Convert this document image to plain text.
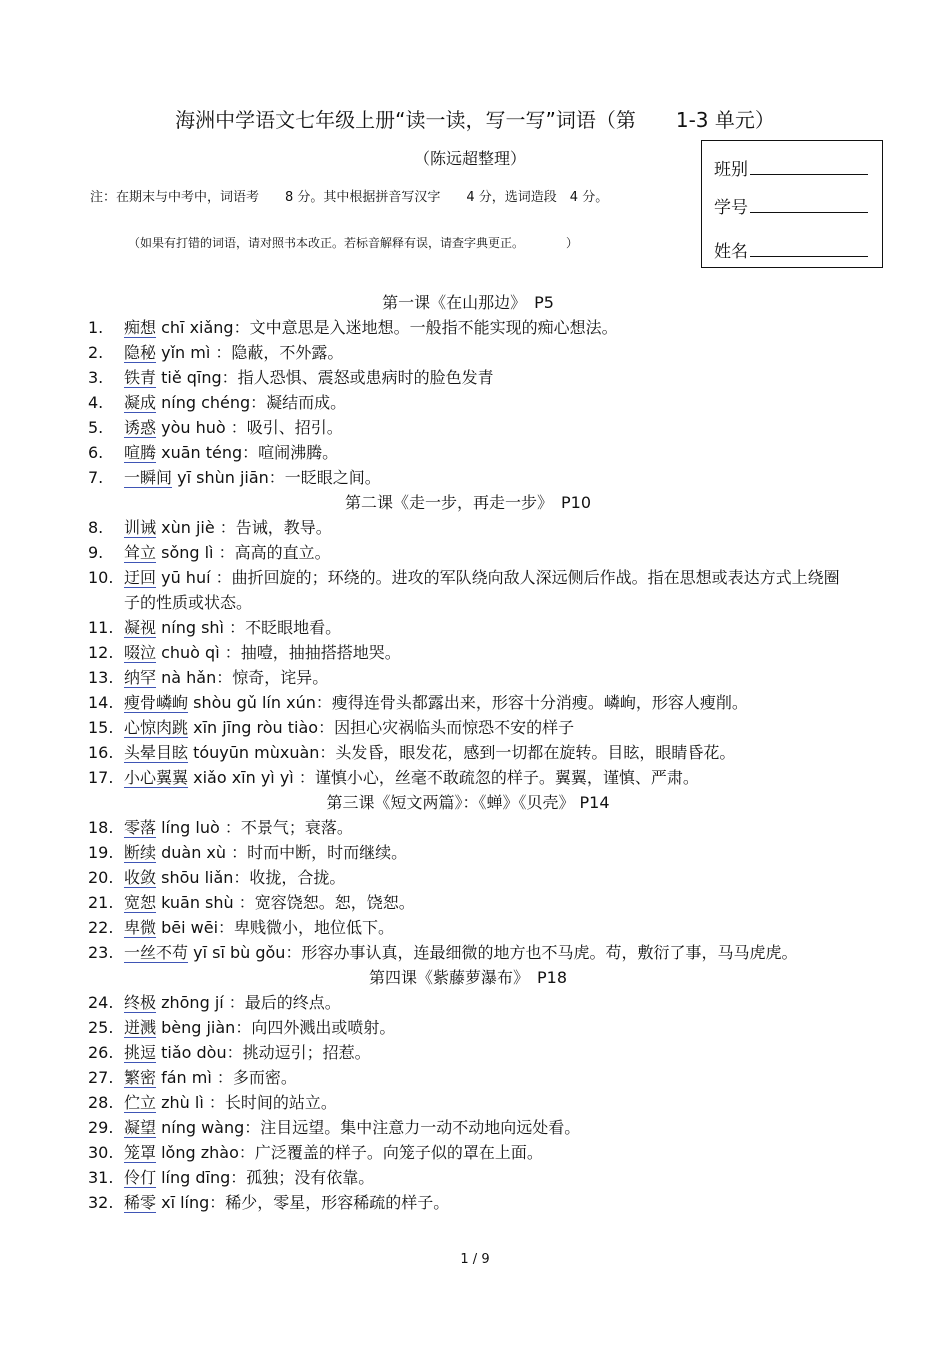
海洲中学语文七年级上册“读一读，写一写”词语（第　　1-3 单元）
（陈远超整理）
注：在期末与中考中，词语考　　8 分。其中根据拼音写汉字　　4 分，选词造段　4 分。
（如果有打错的词语，请对照书本改正。若标音解释有误，请查字典更正。　　　　）
班别
学号
姓名
第一课《在山那边》　P5
1.	痴想 chī xiǎng：文中意思是入迷地想。一般指不能实现的痴心想法。
2.	隐秘 yǐn mì ：隐蔽，不外露。
3.	铁青 tiě qīng：指人恐惧、震怒或患病时的脸色发青
4.	凝成 níng chéng：凝结而成。
5.	诱惑 yòu huò ：吸引、招引。
6.	喧腾 xuān téng：喧闹沸腾。
7.	一瞬间 yī shùn jiān：一眨眼之间。
第二课《走一步，再走一步》　P10
8.	训诫 xùn jiè ：告诫，教导。
9.	耸立 sǒng lì ：高高的直立。
10. 迂回 yū huí ：曲折回旋的；环绕的。进攻的军队绕向敌人深远侧后作战。指在思想或表达方式上绕圈子的性质或状态。
11. 凝视 níng shì ：不眨眼地看。
12. 啜泣 chuò qì ：抽噎，抽抽搭搭地哭。
13. 纳罕 nà hǎn：惊奇，诧异。
14. 瘦骨嶙峋 shòu gǔ lín xún：瘦得连骨头都露出来，形容十分消瘦。嶙峋，形容人瘦削。
15. 心惊肉跳 xīn jīng ròu tiào：因担心灾祸临头而惊恐不安的样子
16. 头晕目眩 tóuyūn mùxuàn：头发昏，眼发花，感到一切都在旋转。目眩，眼睛昏花。
17. 小心翼翼 xiǎo xīn yì yì ：谨慎小心，丝毫不敢疏忽的样子。翼翼，谨慎、严肃。
第三课《短文两篇》：《蝉》《贝壳》 P14
18. 零落 líng luò ：不景气；衰落。
19. 断续 duàn xù ：时而中断，时而继续。
20. 收敛 shōu liǎn：收拢，合拢。
21. 宽恕 kuān shù ：宽容饶恕。恕，饶恕。
22. 卑微 bēi wēi：卑贱微小，地位低下。
23. 一丝不苟 yī sī bù gǒu：形容办事认真，连最细微的地方也不马虎。苟，敷衍了事，马马虎虎。
第四课《紫藤萝瀑布》　P18
24. 终极 zhōng jí ：最后的终点。
25. 迸溅 bèng jiàn：向四外溅出或喷射。
26. 挑逗 tiǎo dòu：挑动逗引；招惹。
27. 繁密 fán mì ：多而密。
28. 伫立 zhù lì ：长时间的站立。
29. 凝望 níng wàng：注目远望。集中注意力一动不动地向远处看。
30. 笼罩 lǒng zhào：广泛覆盖的样子。向笼子似的罩在上面。
31. 伶仃 líng dīng：孤独；没有依靠。
32. 稀零 xī líng：稀少，零星，形容稀疏的样子。
1 / 9
